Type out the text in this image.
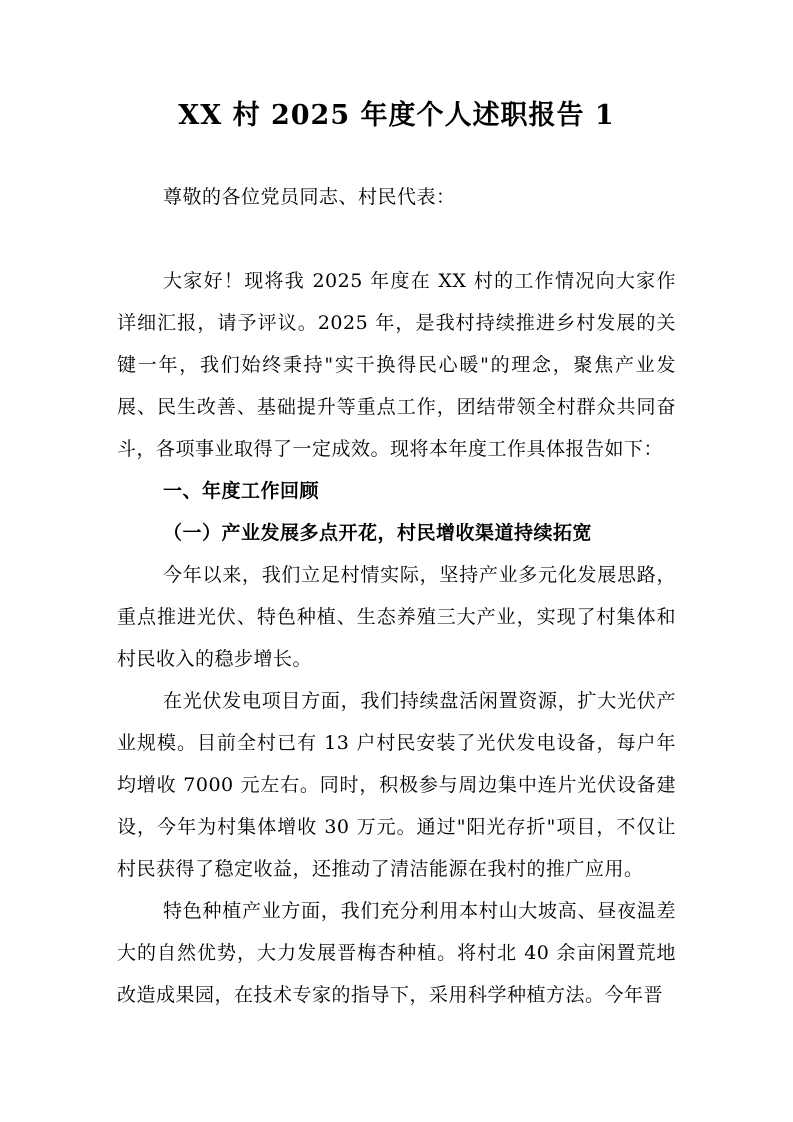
XX 村 2025 年度个人述职报告 1

尊敬的各位党员同志、村民代表：

大家好！现将我 2025 年度在 XX 村的工作情况向大家作详细汇报，请予评议。2025 年，是我村持续推进乡村发展的关键一年，我们始终秉持"实干换得民心暖"的理念，聚焦产业发展、民生改善、基础提升等重点工作，团结带领全村群众共同奋斗，各项事业取得了一定成效。现将本年度工作具体报告如下：

一、年度工作回顾

（一）产业发展多点开花，村民增收渠道持续拓宽

今年以来，我们立足村情实际，坚持产业多元化发展思路，重点推进光伏、特色种植、生态养殖三大产业，实现了村集体和村民收入的稳步增长。

在光伏发电项目方面，我们持续盘活闲置资源，扩大光伏产业规模。目前全村已有 13 户村民安装了光伏发电设备，每户年均增收 7000 元左右。同时，积极参与周边集中连片光伏设备建设，今年为村集体增收 30 万元。通过"阳光存折"项目，不仅让村民获得了稳定收益，还推动了清洁能源在我村的推广应用。

特色种植产业方面，我们充分利用本村山大坡高、昼夜温差大的自然优势，大力发展晋梅杏种植。将村北 40 余亩闲置荒地改造成果园，在技术专家的指导下，采用科学种植方法。今年晋
